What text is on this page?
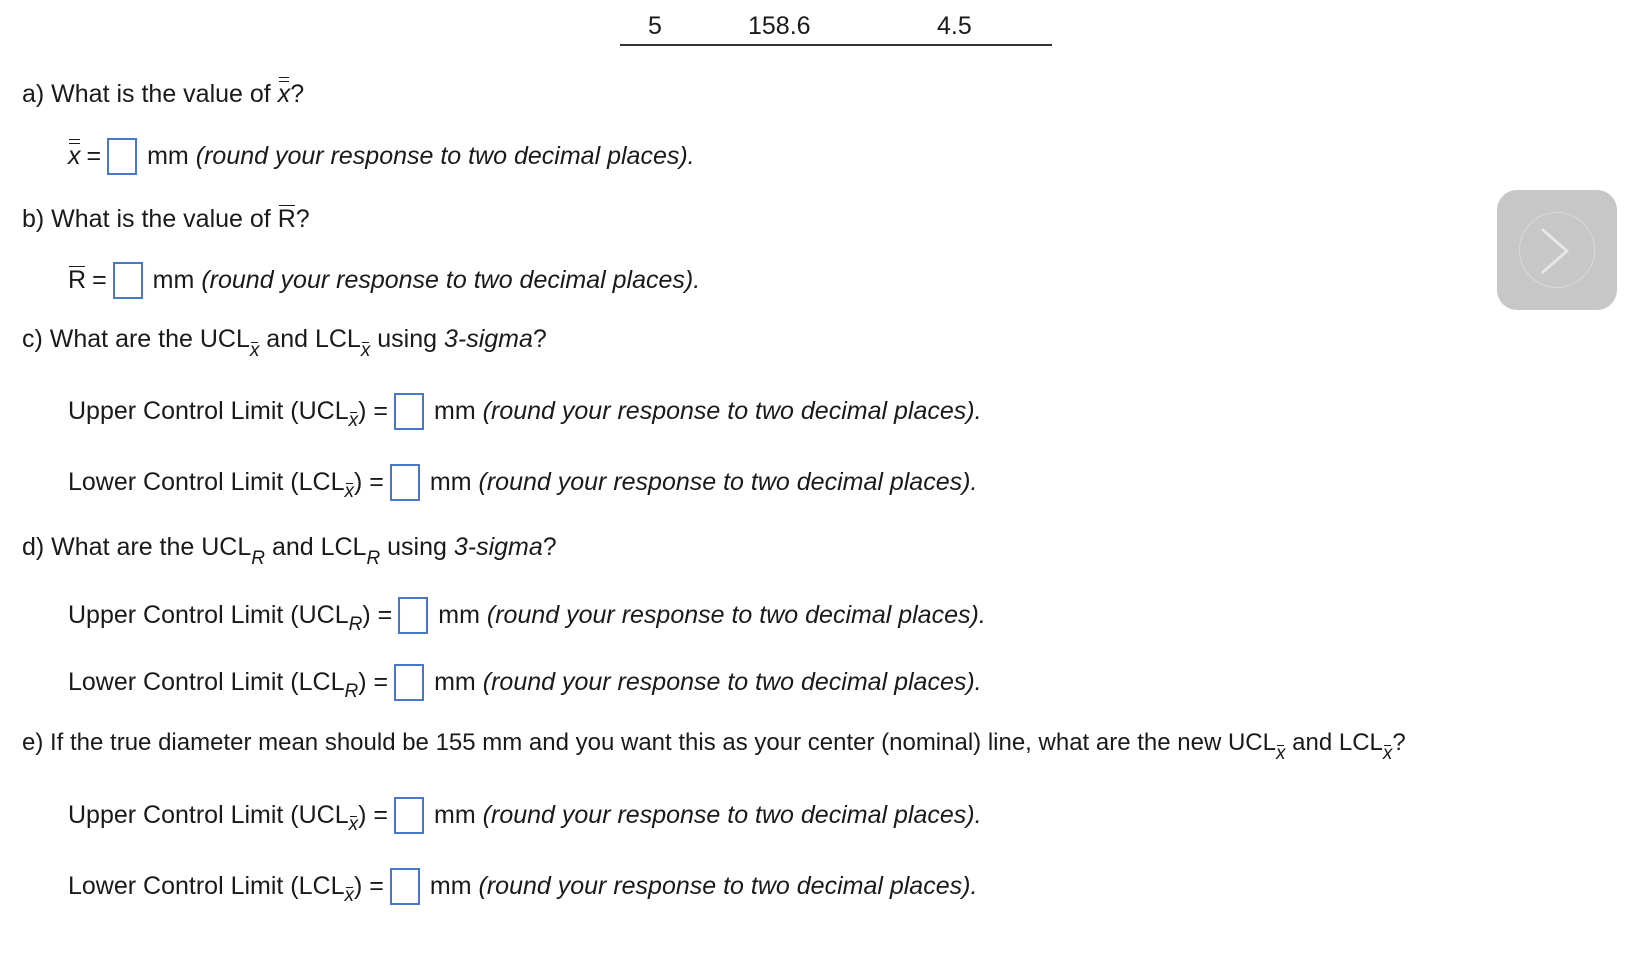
5	158.6	4.5
a) What is the value of x?
x = mm (round your response to two decimal places).
b) What is the value of R?
R = mm (round your response to two decimal places).
c) What are the UCLx and LCLx using 3-sigma?
Upper Control Limit (UCL x ) = mm (round your response to two decimal places).
Lower Control Limit (LCL x ) = mm (round your response to two decimal places).
d) What are the $UCL_R$ and $LCL_R$ using 3-sigma?
Upper Control Limit (UCL R ) = mm (round your response to two decimal places).
Lower Control Limit (LCL R ) = mm (round your response to two decimal places).
e) If the true diameter mean should be 155 mm and you want this as your center (nominal) line, what are the new UCLx and LCLx?
Upper Control Limit (UCL x ) = mm (round your response to two decimal places).
Lower Control Limit (LCL x ) = mm (round your response to two decimal places).
